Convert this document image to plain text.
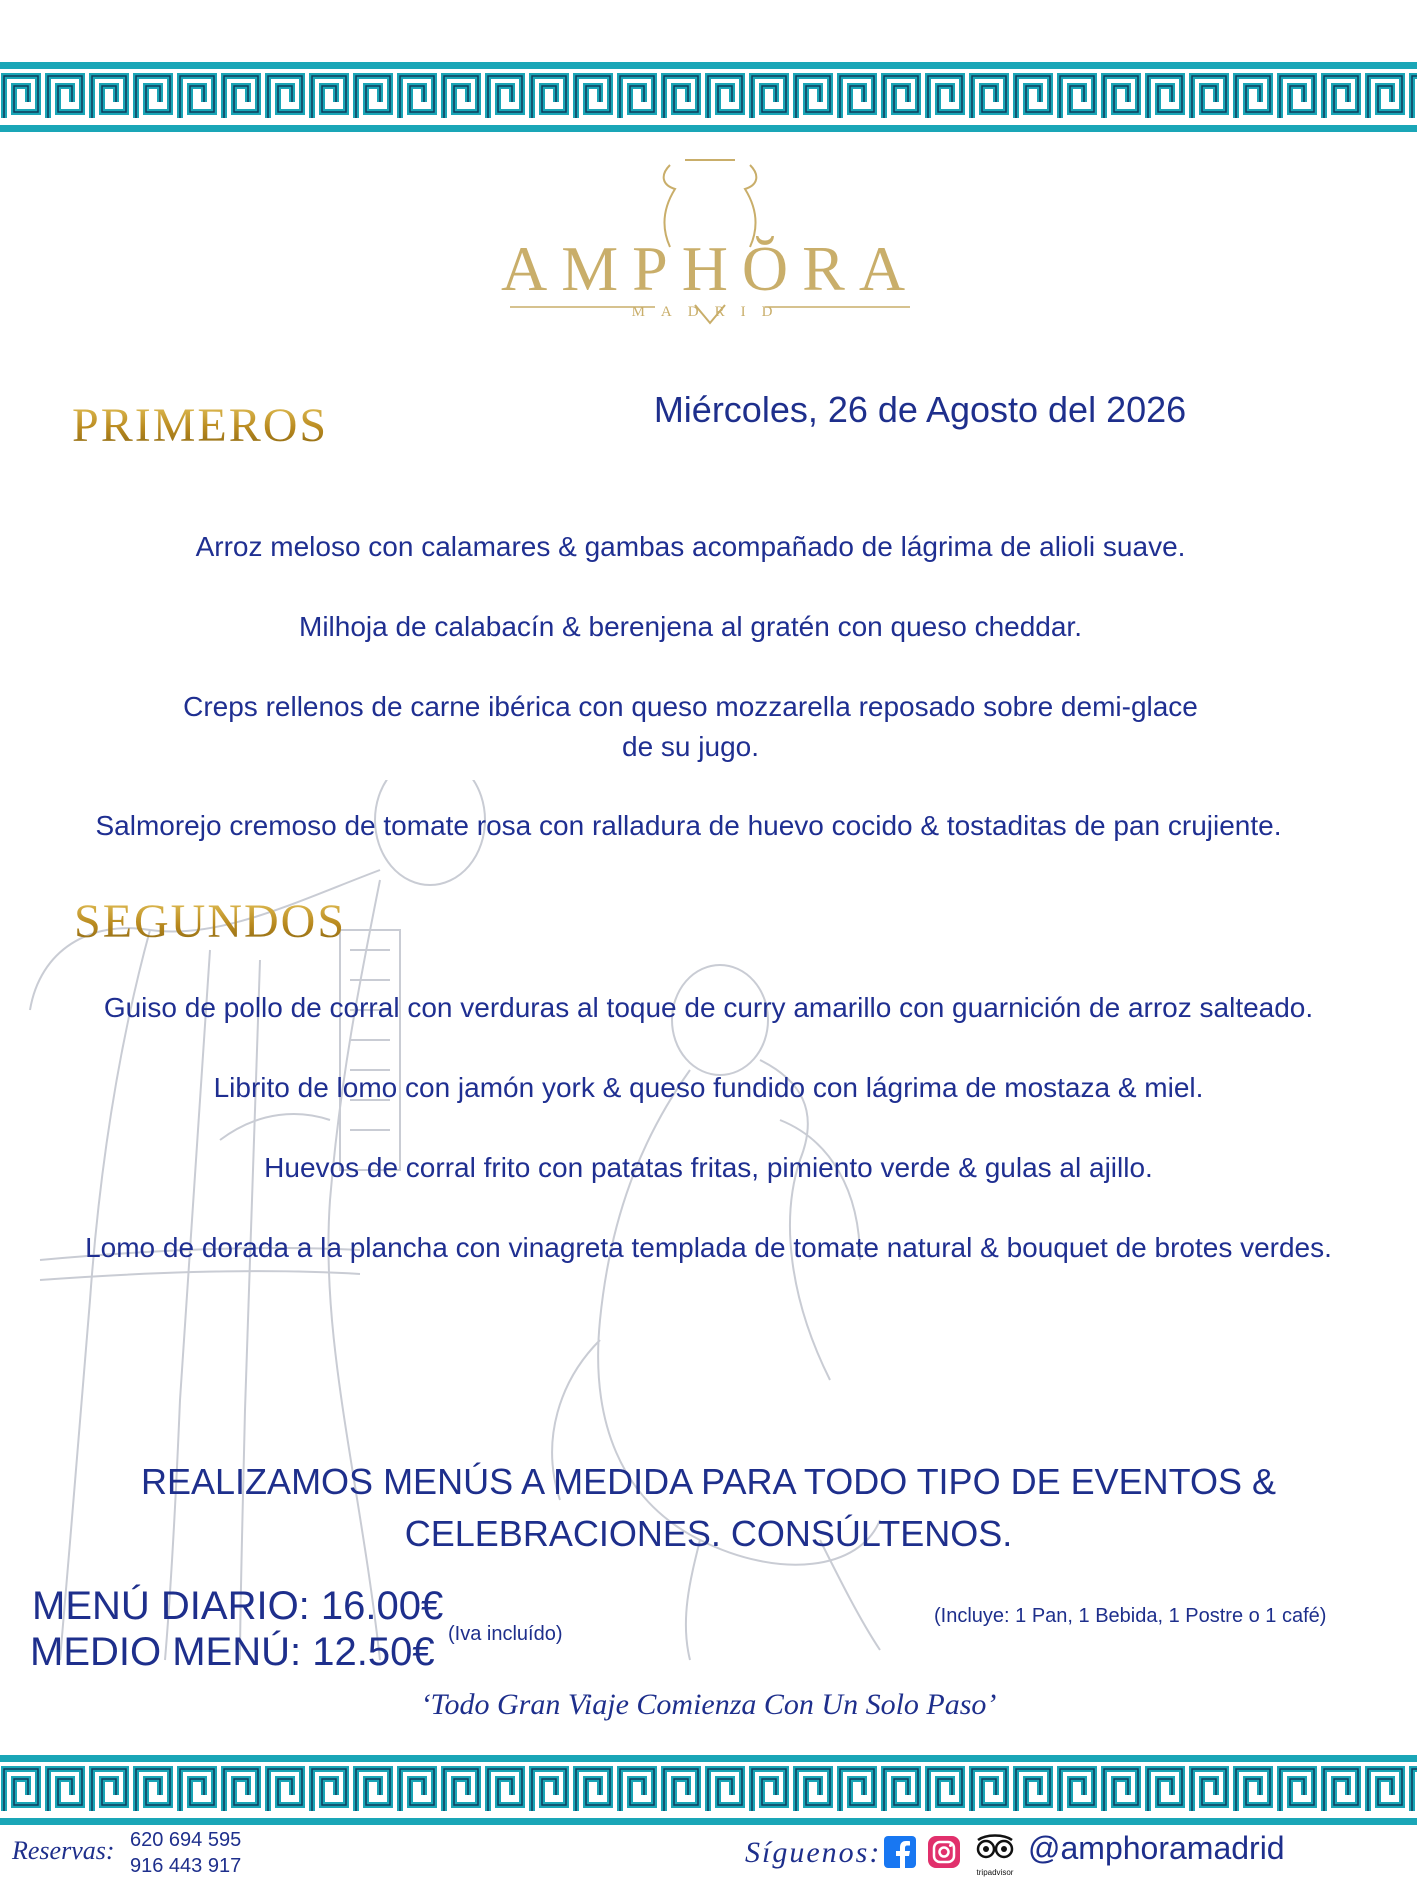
AMPHŎRA
MADRID
PRIMEROS	Miércoles, 26 de Agosto del 2026
Arroz meloso con calamares & gambas acompañado de lágrima de alioli suave.
Milhoja de calabacín & berenjena al gratén con queso cheddar.
Creps rellenos de carne ibérica con queso mozzarella reposado sobre demi-glace
de su jugo.
Salmorejo cremoso de tomate rosa con ralladura de huevo cocido & tostaditas de pan crujiente.
SEGUNDOS
Guiso de pollo de corral con verduras al toque de curry amarillo con guarnición de arroz salteado.
Librito de lomo con jamón york & queso fundido con lágrima de mostaza & miel.
Huevos de corral frito con patatas fritas, pimiento verde & gulas al ajillo.
Lomo de dorada a la plancha con vinagreta templada de tomate natural & bouquet de brotes verdes.
REALIZAMOS MENÚS A MEDIDA PARA TODO TIPO DE EVENTOS &
CELEBRACIONES. CONSÚLTENOS.
MENÚ DIARIO: 16.00€
MEDIO MENÚ: 12.50€ (Iva incluído)
(Incluye: 1 Pan, 1 Bebida, 1 Postre o 1 café)
‘Todo Gran Viaje Comienza Con Un Solo Paso’
Reservas: 620 694 595
916 443 917	Síguenos:
tripadvisor
@amphoramadrid
